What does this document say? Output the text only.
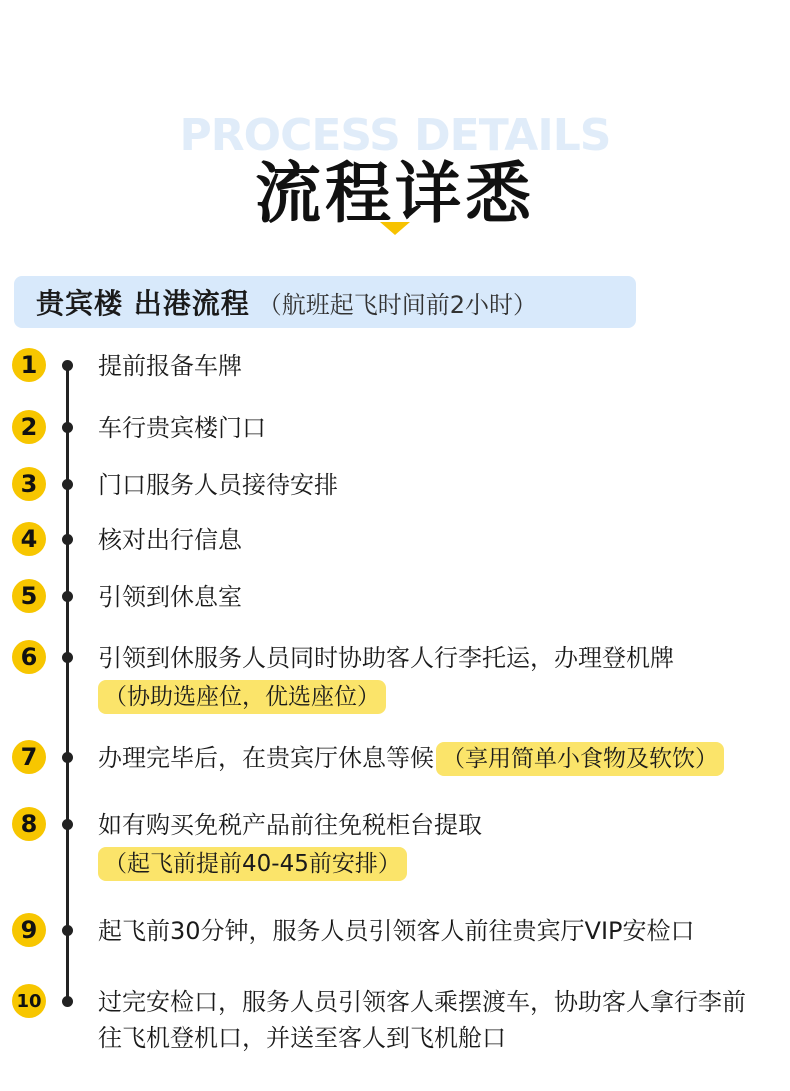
PROCESS DETAILS
流程详悉
贵宾楼 出港流程 （航班起飞时间前2小时）
1	提前报备车牌
2	车行贵宾楼门口
3	门口服务人员接待安排
4	核对出行信息
5	引领到休息室
6	引领到休服务人员同时协助客人行李托运，办理登机牌
（协助选座位，优选座位）
7	办理完毕后，在贵宾厅休息等候 （享用简单小食物及软饮）
8	如有购买免税产品前往免税柜台提取
（起飞前提前40-45前安排）
9	起飞前30分钟，服务人员引领客人前往贵宾厅VIP安检口
10 过完安检口，服务人员引领客人乘摆渡车，协助客人拿行李前往飞机登机口，并送至客人到飞机舱口
